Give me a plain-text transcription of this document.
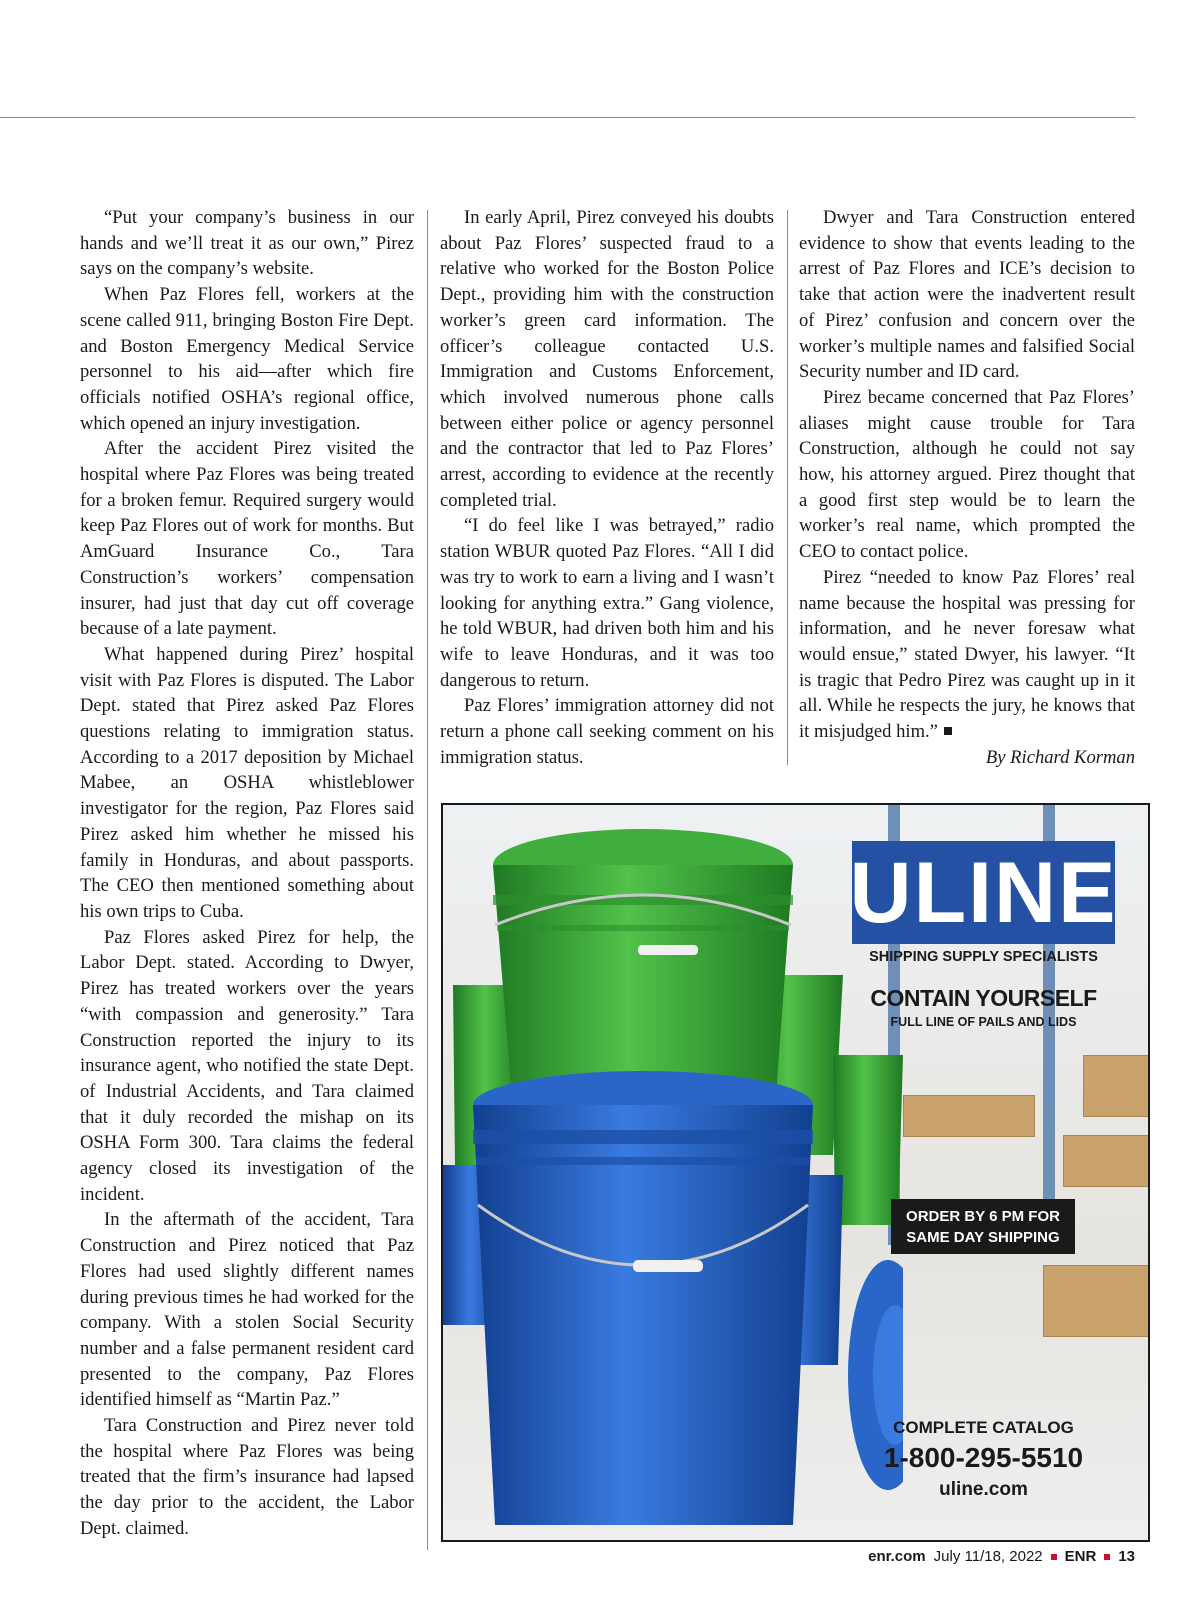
“Put your company’s business in our hands and we’ll treat it as our own,” Pirez says on the company’s website.

When Paz Flores fell, workers at the scene called 911, bringing Boston Fire Dept. and Boston Emergency Medical Service personnel to his aid—after which fire officials notified OSHA’s regional office, which opened an injury investigation.

After the accident Pirez visited the hospital where Paz Flores was being treated for a broken femur. Required surgery would keep Paz Flores out of work for months. But AmGuard Insurance Co., Tara Construction’s workers’ compensation insurer, had just that day cut off coverage because of a late payment.

What happened during Pirez’ hospital visit with Paz Flores is disputed. The Labor Dept. stated that Pirez asked Paz Flores questions relating to immigration status. According to a 2017 deposition by Michael Mabee, an OSHA whistleblower investigator for the region, Paz Flores said Pirez asked him whether he missed his family in Honduras, and about passports. The CEO then mentioned something about his own trips to Cuba.

Paz Flores asked Pirez for help, the Labor Dept. stated. According to Dwyer, Pirez has treated workers over the years “with compassion and generosity.” Tara Construction reported the injury to its insurance agent, who notified the state Dept. of Industrial Accidents, and Tara claimed that it duly recorded the mishap on its OSHA Form 300. Tara claims the federal agency closed its investigation of the incident.

In the aftermath of the accident, Tara Construction and Pirez noticed that Paz Flores had used slightly different names during previous times he had worked for the company. With a stolen Social Security number and a false permanent resident card presented to the company, Paz Flores identified himself as “Martin Paz.”

Tara Construction and Pirez never told the hospital where Paz Flores was being treated that the firm’s insurance had lapsed the day prior to the accident, the Labor Dept. claimed.

In early April, Pirez conveyed his doubts about Paz Flores’ suspected fraud to a relative who worked for the Boston Police Dept., providing him with the construction worker’s green card information. The officer’s colleague contacted U.S. Immigration and Customs Enforcement, which involved numerous phone calls between either police or agency personnel and the contractor that led to Paz Flores’ arrest, according to evidence at the recently completed trial.

“I do feel like I was betrayed,” radio station WBUR quoted Paz Flores. “All I did was try to work to earn a living and I wasn’t looking for anything extra.” Gang violence, he told WBUR, had driven both him and his wife to leave Honduras, and it was too dangerous to return.

Paz Flores’ immigration attorney did not return a phone call seeking comment on his immigration status.

Dwyer and Tara Construction entered evidence to show that events leading to the arrest of Paz Flores and ICE’s decision to take that action were the inadvertent result of Pirez’ confusion and concern over the worker’s multiple names and falsified Social Security number and ID card.

Pirez became concerned that Paz Flores’ aliases might cause trouble for Tara Construction, although he could not say how, his attorney argued. Pirez thought that a good first step would be to learn the worker’s real name, which prompted the CEO to contact police.

Pirez “needed to know Paz Flores’ real name because the hospital was pressing for information, and he never foresaw what would ensue,” stated Dwyer, his lawyer. “It is tragic that Pedro Pirez was caught up in it all. While he respects the jury, he knows that it misjudged him.”

By Richard Korman

ULINE
SHIPPING SUPPLY SPECIALISTS
CONTAIN YOURSELF
FULL LINE OF PAILS AND LIDS
ORDER BY 6 PM FOR
SAME DAY SHIPPING
COMPLETE CATALOG
1-800-295-5510
uline.com
enr.com July 11/18, 2022 ENR 13
